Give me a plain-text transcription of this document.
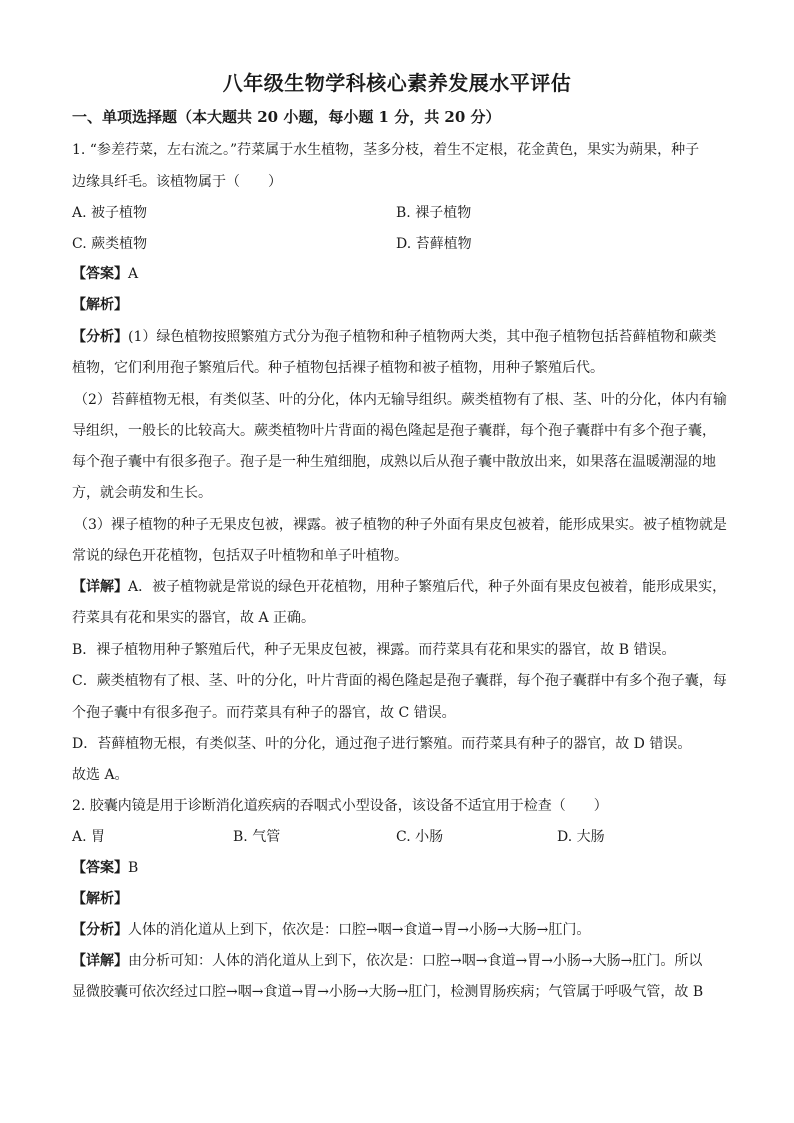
八年级生物学科核心素养发展水平评估
一、单项选择题（本大题共 20 小题，每小题 1 分，共 20 分）
1. “参差荇菜，左右流之。”荇菜属于水生植物，茎多分枝，着生不定根，花金黄色，果实为蒴果，种子
边缘具纤毛。该植物属于（　　）
A. 被子植物	B. 裸子植物
C. 蕨类植物	D. 苔藓植物
【答案】A
【解析】
【分析】(1）绿色植物按照繁殖方式分为孢子植物和种子植物两大类，其中孢子植物包括苔藓植物和蕨类
植物，它们利用孢子繁殖后代。种子植物包括裸子植物和被子植物，用种子繁殖后代。
（2）苔藓植物无根，有类似茎、叶的分化，体内无输导组织。蕨类植物有了根、茎、叶的分化，体内有输
导组织，一般长的比较高大。蕨类植物叶片背面的褐色隆起是孢子囊群，每个孢子囊群中有多个孢子囊，
每个孢子囊中有很多孢子。孢子是一种生殖细胞，成熟以后从孢子囊中散放出来，如果落在温暖潮湿的地
方，就会萌发和生长。
（3）裸子植物的种子无果皮包被，裸露。被子植物的种子外面有果皮包被着，能形成果实。被子植物就是
常说的绿色开花植物，包括双子叶植物和单子叶植物。
【详解】A．被子植物就是常说的绿色开花植物，用种子繁殖后代，种子外面有果皮包被着，能形成果实，
荇菜具有花和果实的器官，故 A 正确。
B．裸子植物用种子繁殖后代，种子无果皮包被，裸露。而荇菜具有花和果实的器官，故 B 错误。
C．蕨类植物有了根、茎、叶的分化，叶片背面的褐色隆起是孢子囊群，每个孢子囊群中有多个孢子囊，每
个孢子囊中有很多孢子。而荇菜具有种子的器官，故 C 错误。
D．苔藓植物无根，有类似茎、叶的分化，通过孢子进行繁殖。而荇菜具有种子的器官，故 D 错误。
故选 A。
2. 胶囊内镜是用于诊断消化道疾病的吞咽式小型设备，该设备不适宜用于检查（　　）
A. 胃	B. 气管	C. 小肠	D. 大肠
【答案】B
【解析】
【分析】人体的消化道从上到下，依次是：口腔→咽→食道→胃→小肠→大肠→肛门。
【详解】由分析可知：人体的消化道从上到下，依次是：口腔→咽→食道→胃→小肠→大肠→肛门。所以
显微胶囊可依次经过口腔→咽→食道→胃→小肠→大肠→肛门，检测胃肠疾病；气管属于呼吸气管，故 B
